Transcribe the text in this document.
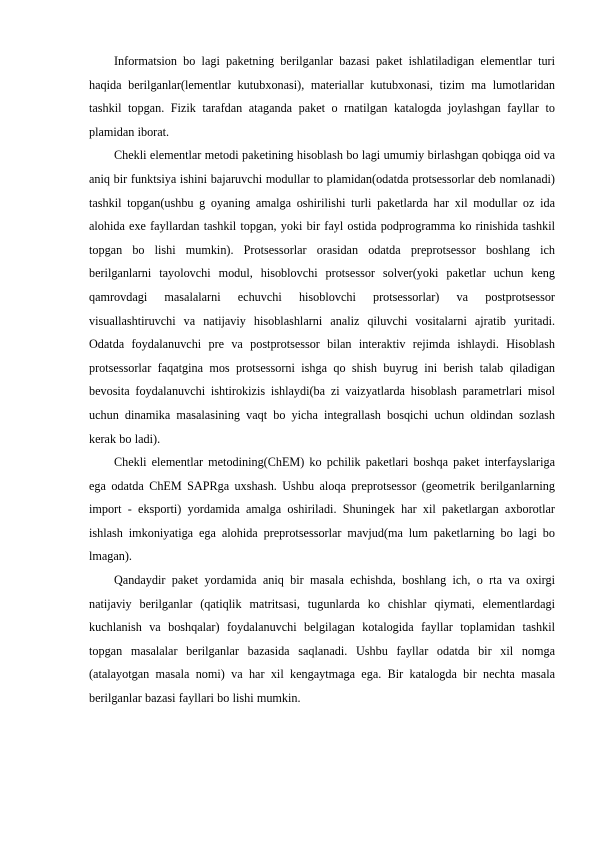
Informatsion bo lagi paketning berilganlar bazasi paket ishlatiladigan elementlar turi haqida berilganlar(lementlar kutubxonasi), materiallar kutubxonasi, tizim ma lumotlaridan tashkil topgan. Fizik tarafdan ataganda paket o rnatilgan katalogda joylashgan fayllar to plamidan iborat.

Chekli elementlar metodi paketining hisoblash bo lagi umumiy birlashgan qobiqga oid va aniq bir funktsiya ishini bajaruvchi modullar to plamidan(odatda protsessorlar deb nomlanadi) tashkil topgan(ushbu g oyaning amalga oshirilishi turli paketlarda har xil modullar oz ida alohida exe fayllardan tashkil topgan, yoki bir fayl ostida podprogramma ko rinishida tashkil topgan bo lishi mumkin). Protsessorlar orasidan odatda preprotsessor boshlang ich berilganlarni tayolovchi modul, hisoblovchi protsessor solver(yoki paketlar uchun keng qamrovdagi masalalarni echuvchi hisoblovchi protsessorlar) va postprotsessor visuallashtiruvchi va natijaviy hisoblashlarni analiz qiluvchi vositalarni ajratib yuritadi. Odatda foydalanuvchi pre va postprotsessor bilan interaktiv rejimda ishlaydi. Hisoblash protsessorlar faqatgina mos protsessorni ishga qo shish buyrug ini berish talab qiladigan bevosita foydalanuvchi ishtirokizis ishlaydi(ba zi vaizyatlarda hisoblash parametrlari misol uchun dinamika masalasining vaqt bo yicha integrallash bosqichi uchun oldindan sozlash kerak bo ladi).

Chekli elementlar metodining(ChEM) ko pchilik paketlari boshqa paket interfayslariga ega odatda ChEM SAPRga uxshash. Ushbu aloqa preprotsessor (geometrik berilganlarning import - eksporti) yordamida amalga oshiriladi. Shuningek har xil paketlargan axborotlar ishlash imkoniyatiga ega alohida preprotsessorlar mavjud(ma lum paketlarning bo lagi bo lmagan).

Qandaydir paket yordamida aniq bir masala echishda, boshlang ich, o rta va oxirgi natijaviy berilganlar (qatiqlik matritsasi, tugunlarda ko chishlar qiymati, elementlardagi kuchlanish va boshqalar) foydalanuvchi belgilagan kotalogida fayllar toplamidan tashkil topgan masalalar berilganlar bazasida saqlanadi. Ushbu fayllar odatda bir xil nomga (atalayotgan masala nomi) va har xil kengaytmaga ega. Bir katalogda bir nechta masala berilganlar bazasi fayllari bo lishi mumkin.
